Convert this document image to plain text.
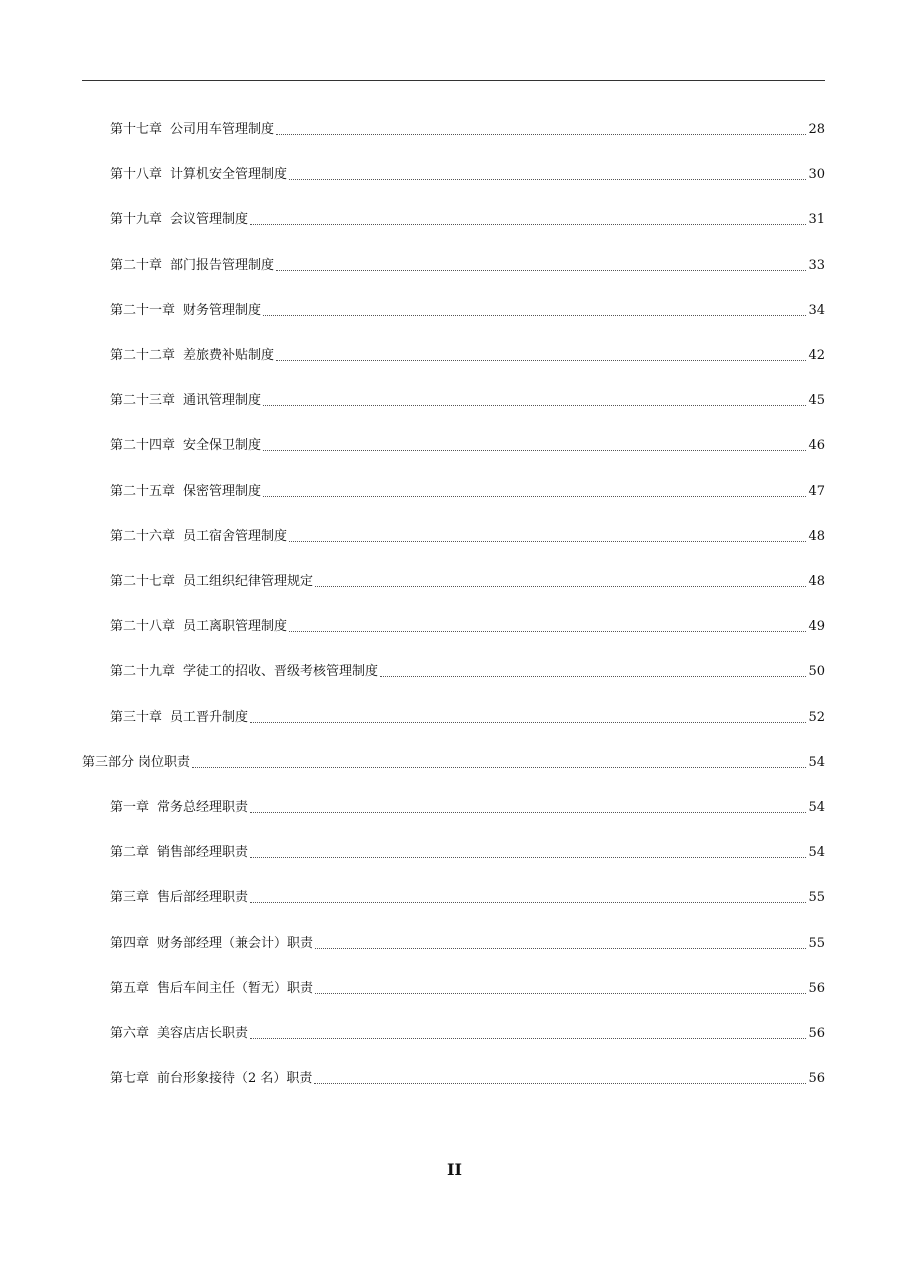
第十七章 公司用车管理制度	28
第十八章 计算机安全管理制度	30
第十九章 会议管理制度	31
第二十章 部门报告管理制度	33
第二十一章 财务管理制度	34
第二十二章 差旅费补贴制度	42
第二十三章 通讯管理制度	45
第二十四章 安全保卫制度	46
第二十五章 保密管理制度	47
第二十六章 员工宿舍管理制度	48
第二十七章 员工组织纪律管理规定	48
第二十八章 员工离职管理制度	49
第二十九章 学徒工的招收、晋级考核管理制度	50
第三十章 员工晋升制度	52
第三部分 岗位职责	54
第一章 常务总经理职责	54
第二章 销售部经理职责	54
第三章 售后部经理职责	55
第四章 财务部经理（兼会计）职责	55
第五章 售后车间主任（暂无）职责	56
第六章 美容店店长职责	56
第七章 前台形象接待（2 名）职责	56
II
